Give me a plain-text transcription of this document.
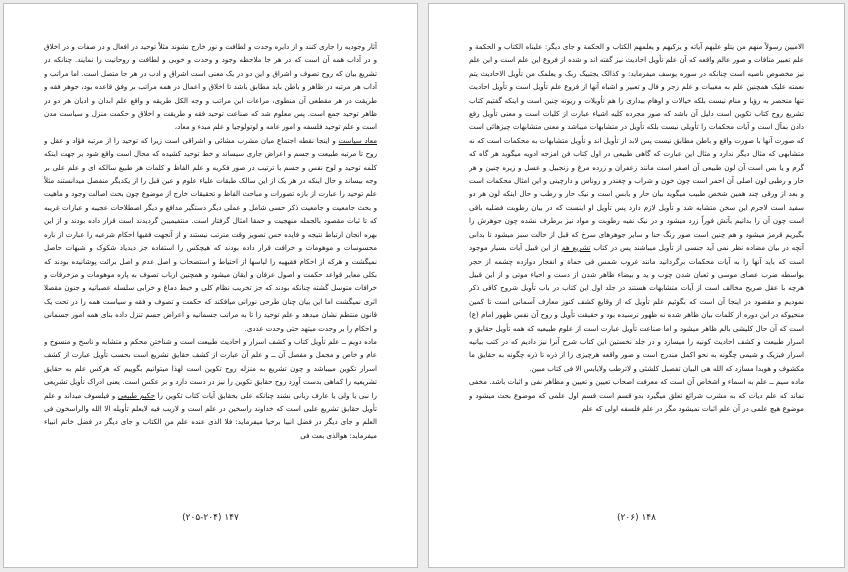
آثار وجودیه را جاری کنند و از دایره وحدت و لطافت و نور خارج نشوند مثلاً توحید در افعال و در صفات و در اخلاق و در آداب همه آن است که در هر جا ملاحظه وجود و وحدت و خوبی و لطافت و روحانیت را نمایند. چنانکه در تشریع بیان که روح تصوف و اشراق و این دو در یک معنی است اشراق و ادب در هر جا متصل است. اما مراتب و آداب هر مرتبه در ظاهر و باطن باید مطابق باشد تا اخلاق و اعمال در همه مراتب بر وفق قاعده بود، جوهر فقه و طریقت در هر مقطعی آن منطوی، مراعات این مراتب و وجه الکل طریقه و واقع علم ابدان و ادیان هر دو در ظاهر توحید جمع است. پس معلوم شد که صناعت توحید فقه و طریقت و اخلاق و حکمت منزل و سیاست مدن است و علم توحید فلسفه و امور عامه و لوتولوجیا و علم مبدء و معاد،

معاد سیاست و اینجا نقطه اجتماع میان مشرب مشائی و اشراقی است زیرا که توحید را از مرتبه فؤاد و عقل و روح تا مرتبه طبیعت و جسم و اعراض جاری سیساند و خط توحید کشیده که محال است واقع شود بر جهت اینکه کلمه توحید و لوح نفس و جسم با ترتیب در صور فکریه و علم الفاظ و کلمات هر طبیع سالکه ای و علم علی بر وجه بیساند و حال اینکه در هر یک از این سالک طبقات علیاء علوم و عین قبل را از یکدیگر منفصل میدانستند مثلاً علم توحید را عبارت از بازه تصورات و مباحث الفاظ و تحقیقات خارج از موضوع چون بحث اصالت وجود و ماهیت و بحث جامعیت و جامعیت ذکر حسی شامل و عملی دیگر دستگیر مدافع و دیگر اصطلاحات عجیبه و عبارات غریبه که تا ثبات مقصود بالجمله منهجیت و حمقا امثال گرفتار است. منتفیمیبن گردیدند است قرار داده بودند و از این بهره انجان ارتباط نتیجه و فایده حس تصویر وقت مترتب نیستند و از آنجهت فقیها احکام شرعیه را عبارت از باره محسوسات و موهومات و خرافت قرار داده بودند که هیچکس را استفاده جز دیدیاد شکوک و شبهات حاصل نمیگشت و هرکه از احکام فقیهیه را لباسها از احتیاط و استصحاب و اصل عدم و اصل برائت پوشانیده بودند که بکلی معایر قواعد حکمت و اصول عرفان و ایقان میشود و همچنین ارباب تصوف به پاره موهومات و مزخرفات و خرافات متوسل گشته چنانکه بودند که جز تخریب نظام کلی و خبط دماغ و خرابی سلسله عصبانیه و جنون مقصلا اثری نمیگشت اما این بیان چنان طرحی نورانی میافکند که حکمت و تصوف و فقه و سیاست همه را در تحت یک قانون منتظم نشان میدهد و علم توحید را تا به مراتب جسمانیه و اعراض جسم تنزل داده بنای همه امور جسمانی و احکام را بر وحدت میتهد حتی وحدت عددی.

ماده دویم ــ علم تأویل کتاب و کشف اسرار و احادیث طبیعت است و شناختن محکم و متشابه و ناسخ و منسوخ و عام و خاص و مجمل و مفصل آن ــ و علم آن عبارت از کشف حقایق تشریع است بحسب تأویل عبارت از کشف اسرار تکوین مییباشد و چون تشریع به منزله روح تکوین است لهذا میتوانیم بگوییم که هرکس علم به حقایق تشریعیه را کماهی بدست آورد روح حقایق تکوین را نیز در دست دارد و بر عکس است. یعنی ادراک تأویل تشریعی را نبی یا ولی یا عارف ربانی نشند چنانکه علی بحقایق آیات کتاب تکوین را حکیم طبیعی و فیلسوف میداند و علم تأویل حقایق تشریع علیی است که خداوند راسخین در علم است و لاریب فیه لایعلم تأویله الا الله والراسخون فی العلم و جای دیگر در فضل انبیا برخیا میفرماید: فلا الذی عنده علم من الکتاب و جای دیگر در فضل خاتم انبیاء میفرماید: هوالذی بعث فی

۱۴۷ (۲۰۵-۲۰۴)

الامیین رسولاً منهم من یتلو علیهم آیاته و یزکیهم و یعلمهم الکتاب و الحکمة و جای دیگر: علیناه الکتاب و الحکمة و علم تعبیر منافات و صور عالم واقعه که آن علم تأویل احادیث نیز گفته اند و شده از فروع این علم است و این علم نیز مخصوص ناصیه است چنانکه در سوره یوسف میفرماید: و کذالک یجتبیک ربک و یعلمک من تأویل الاحادیث یتم نعمته علیک همچنین علم به مغیبات و علم زجر و فال و تعبیر و اشباه آنها از فروع علم تأویل است و تأویل احادیث تنها منحصر به رؤیا و منام نیست بلکه خیالات و اوهام بیداری را هم تأویلات و ریوته چنین است و اینکه گفتیم کتاب تشریع روح کتاب تکوین است دلیل آن باشد که صور مجرده کلیه اشیاء عبارت از کلیات است و معنی تأویل رفع دادن بمآل است و آیات محکمات را تأویلی نیست بلکه تأویل در متشابهات میباشد و معنی متشابهات چیزهائی است که صورت آنها با صورت واقع و باطن مطابق نیست پس لابد از تأویل اند و تأویل متشابهات به محکمات است که نه متشابهی که مثال دیگر ندارد و مثال این عبارت که گاهی طبیعی در اول کتاب فن امزجه ادویه میگوید هر گاه که گرم و یا بس است آن لون طبیعی آن اصفر است مانند زعفران و زرده مرغ و زنجبیل و عسل و زیره چنین و هر حار و رطبی لون اصلی آن احمر است چون خون و شراب و چغندر و روناس و دارچینی و این امثال محکمات است و بعد از ورقی چند همین شخص طبیب میگوید بیان حار و یابس است و نیک حار و رطب و حال اینکه لون هر دو سفید است لاجرم این سخن متشابه شد و تأویل لازم دارد پس تأویل او اینست که در بیان رطوبت فضلیه باقی است چون آن را بدانیم بآتش فوراً زرد میشود و در نیک نفیه رطوبت و مواد نیز برطرف نشده چون جوهرش را بگیریم قرمز میشود و هم چنین است صور رنگ حنا و سایر جوهرهای سرخ که قبل از حالت سبز میشود تا بدانی آنچه در بیان مضاده نظر نمی آید جنسی از تأویل میباشند پس در کتاب تشریع هم از این قبیل آیات بسیار موجود است که باید آنها را به آیات محکمات برگردانید مانند غروب شمس فی حماة و انفجار دوازده چشمه از حجر بواسطه ضرب عصای موسی و ثعبان شدن چوب و ید و بیضاء ظاهر شدن از دست و احیاء موتی و از این قبیل هرچه با عقل صریح مخالف است از آیات متشابهات هستند در جلد اول این کتاب در باب تأویل شروح کافی ذکر نمودیم و مقصود در اینجا آن است که بگوئیم علم تأویل که از وقایع کشف کنوز معارف آسمانی است تا کمین منحیوکه در این دوره از کلمات بیان ظاهر شده نه ظهور نرسیده بود و حقیقت تأویل و روح آن نفس ظهور امام (ع) است که آن حال کلیشی بالم ظاهر میشود و اما صناعت تأویل عبارت است از علوم طبیعیه که همه تأویل حقایق و اسرار طبیعت و کشف احادیث کونیه را میسازد و در جلد نخستین این کتاب شرح آنرا نیز دادیم که در کتب بیانیه اسرار فیزیک و شیمی چگونه به نحو اکمل مندرج است و صور واقعه هرچیزی را از ذره تا ذره چگونه به حقایق ما مکشوف و هویدا مسازد که الله هی البیان تفصیل کلشئی و لاترطب ولایابس الا فی کتاب مبین.

ماده سیم ــ علم به اسماء و اشخاص آن است که معرفت اصحاب تعیین و تعیین و مظاهر نفی و اثبات باشد. مخفی نماند که علم دیات که به مشرب شرائع تعلق میگیرد بدو قسم است قسم اول علمی که موضوع بحث میشود و موضوع هیچ علمی در آن علم اثبات نمیشود مگر در علم فلسفه اولی که علم

۱۴۸ (۲۰۶)
